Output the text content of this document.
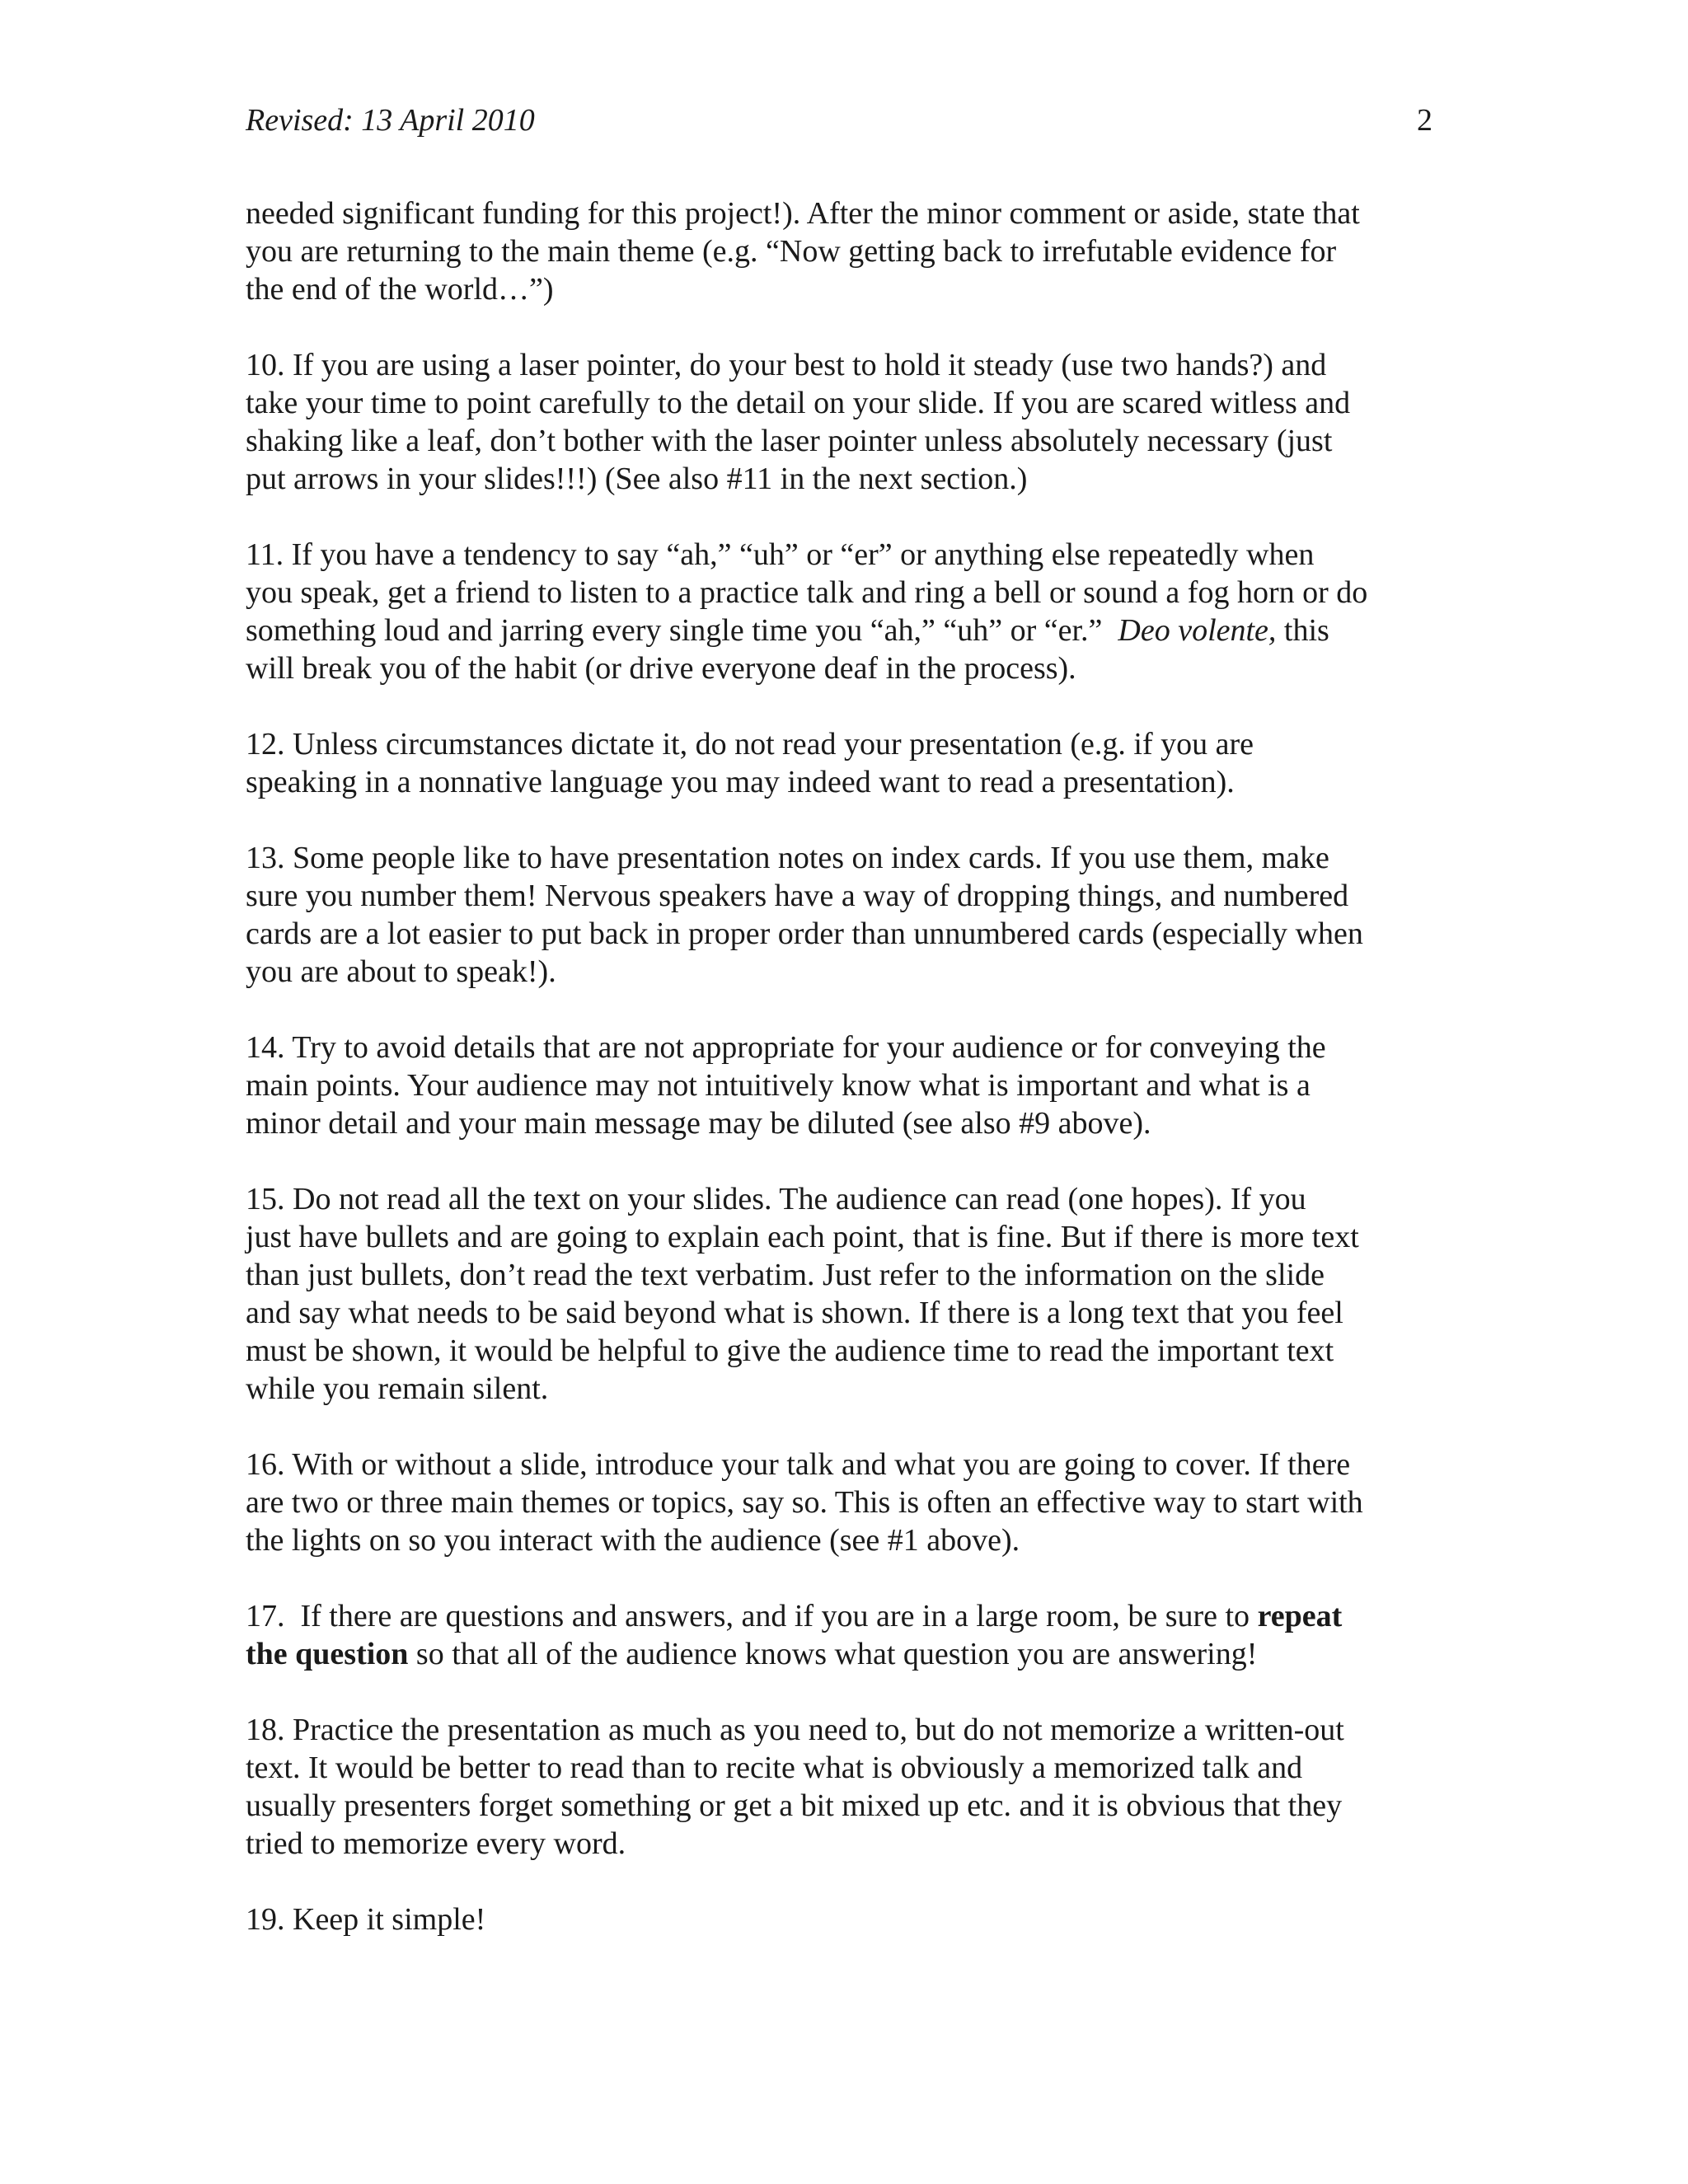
Revised: 13 April 2010	2

needed significant funding for this project!). After the minor comment or aside, state that
you are returning to the main theme (e.g. “Now getting back to irrefutable evidence for
the end of the world…”)

10. If you are using a laser pointer, do your best to hold it steady (use two hands?) and
take your time to point carefully to the detail on your slide. If you are scared witless and
shaking like a leaf, don’t bother with the laser pointer unless absolutely necessary (just
put arrows in your slides!!!) (See also #11 in the next section.)

11. If you have a tendency to say “ah,” “uh” or “er” or anything else repeatedly when
you speak, get a friend to listen to a practice talk and ring a bell or sound a fog horn or do
something loud and jarring every single time you “ah,” “uh” or “er.”  Deo volente, this
will break you of the habit (or drive everyone deaf in the process).

12. Unless circumstances dictate it, do not read your presentation (e.g. if you are
speaking in a nonnative language you may indeed want to read a presentation).

13. Some people like to have presentation notes on index cards. If you use them, make
sure you number them! Nervous speakers have a way of dropping things, and numbered
cards are a lot easier to put back in proper order than unnumbered cards (especially when
you are about to speak!).

14. Try to avoid details that are not appropriate for your audience or for conveying the
main points. Your audience may not intuitively know what is important and what is a
minor detail and your main message may be diluted (see also #9 above).

15. Do not read all the text on your slides. The audience can read (one hopes). If you
just have bullets and are going to explain each point, that is fine. But if there is more text
than just bullets, don’t read the text verbatim. Just refer to the information on the slide
and say what needs to be said beyond what is shown. If there is a long text that you feel
must be shown, it would be helpful to give the audience time to read the important text
while you remain silent.

16. With or without a slide, introduce your talk and what you are going to cover. If there
are two or three main themes or topics, say so. This is often an effective way to start with
the lights on so you interact with the audience (see #1 above).

17.  If there are questions and answers, and if you are in a large room, be sure to repeat
the question so that all of the audience knows what question you are answering!

18. Practice the presentation as much as you need to, but do not memorize a written-out
text. It would be better to read than to recite what is obviously a memorized talk and
usually presenters forget something or get a bit mixed up etc. and it is obvious that they
tried to memorize every word.

19. Keep it simple!
